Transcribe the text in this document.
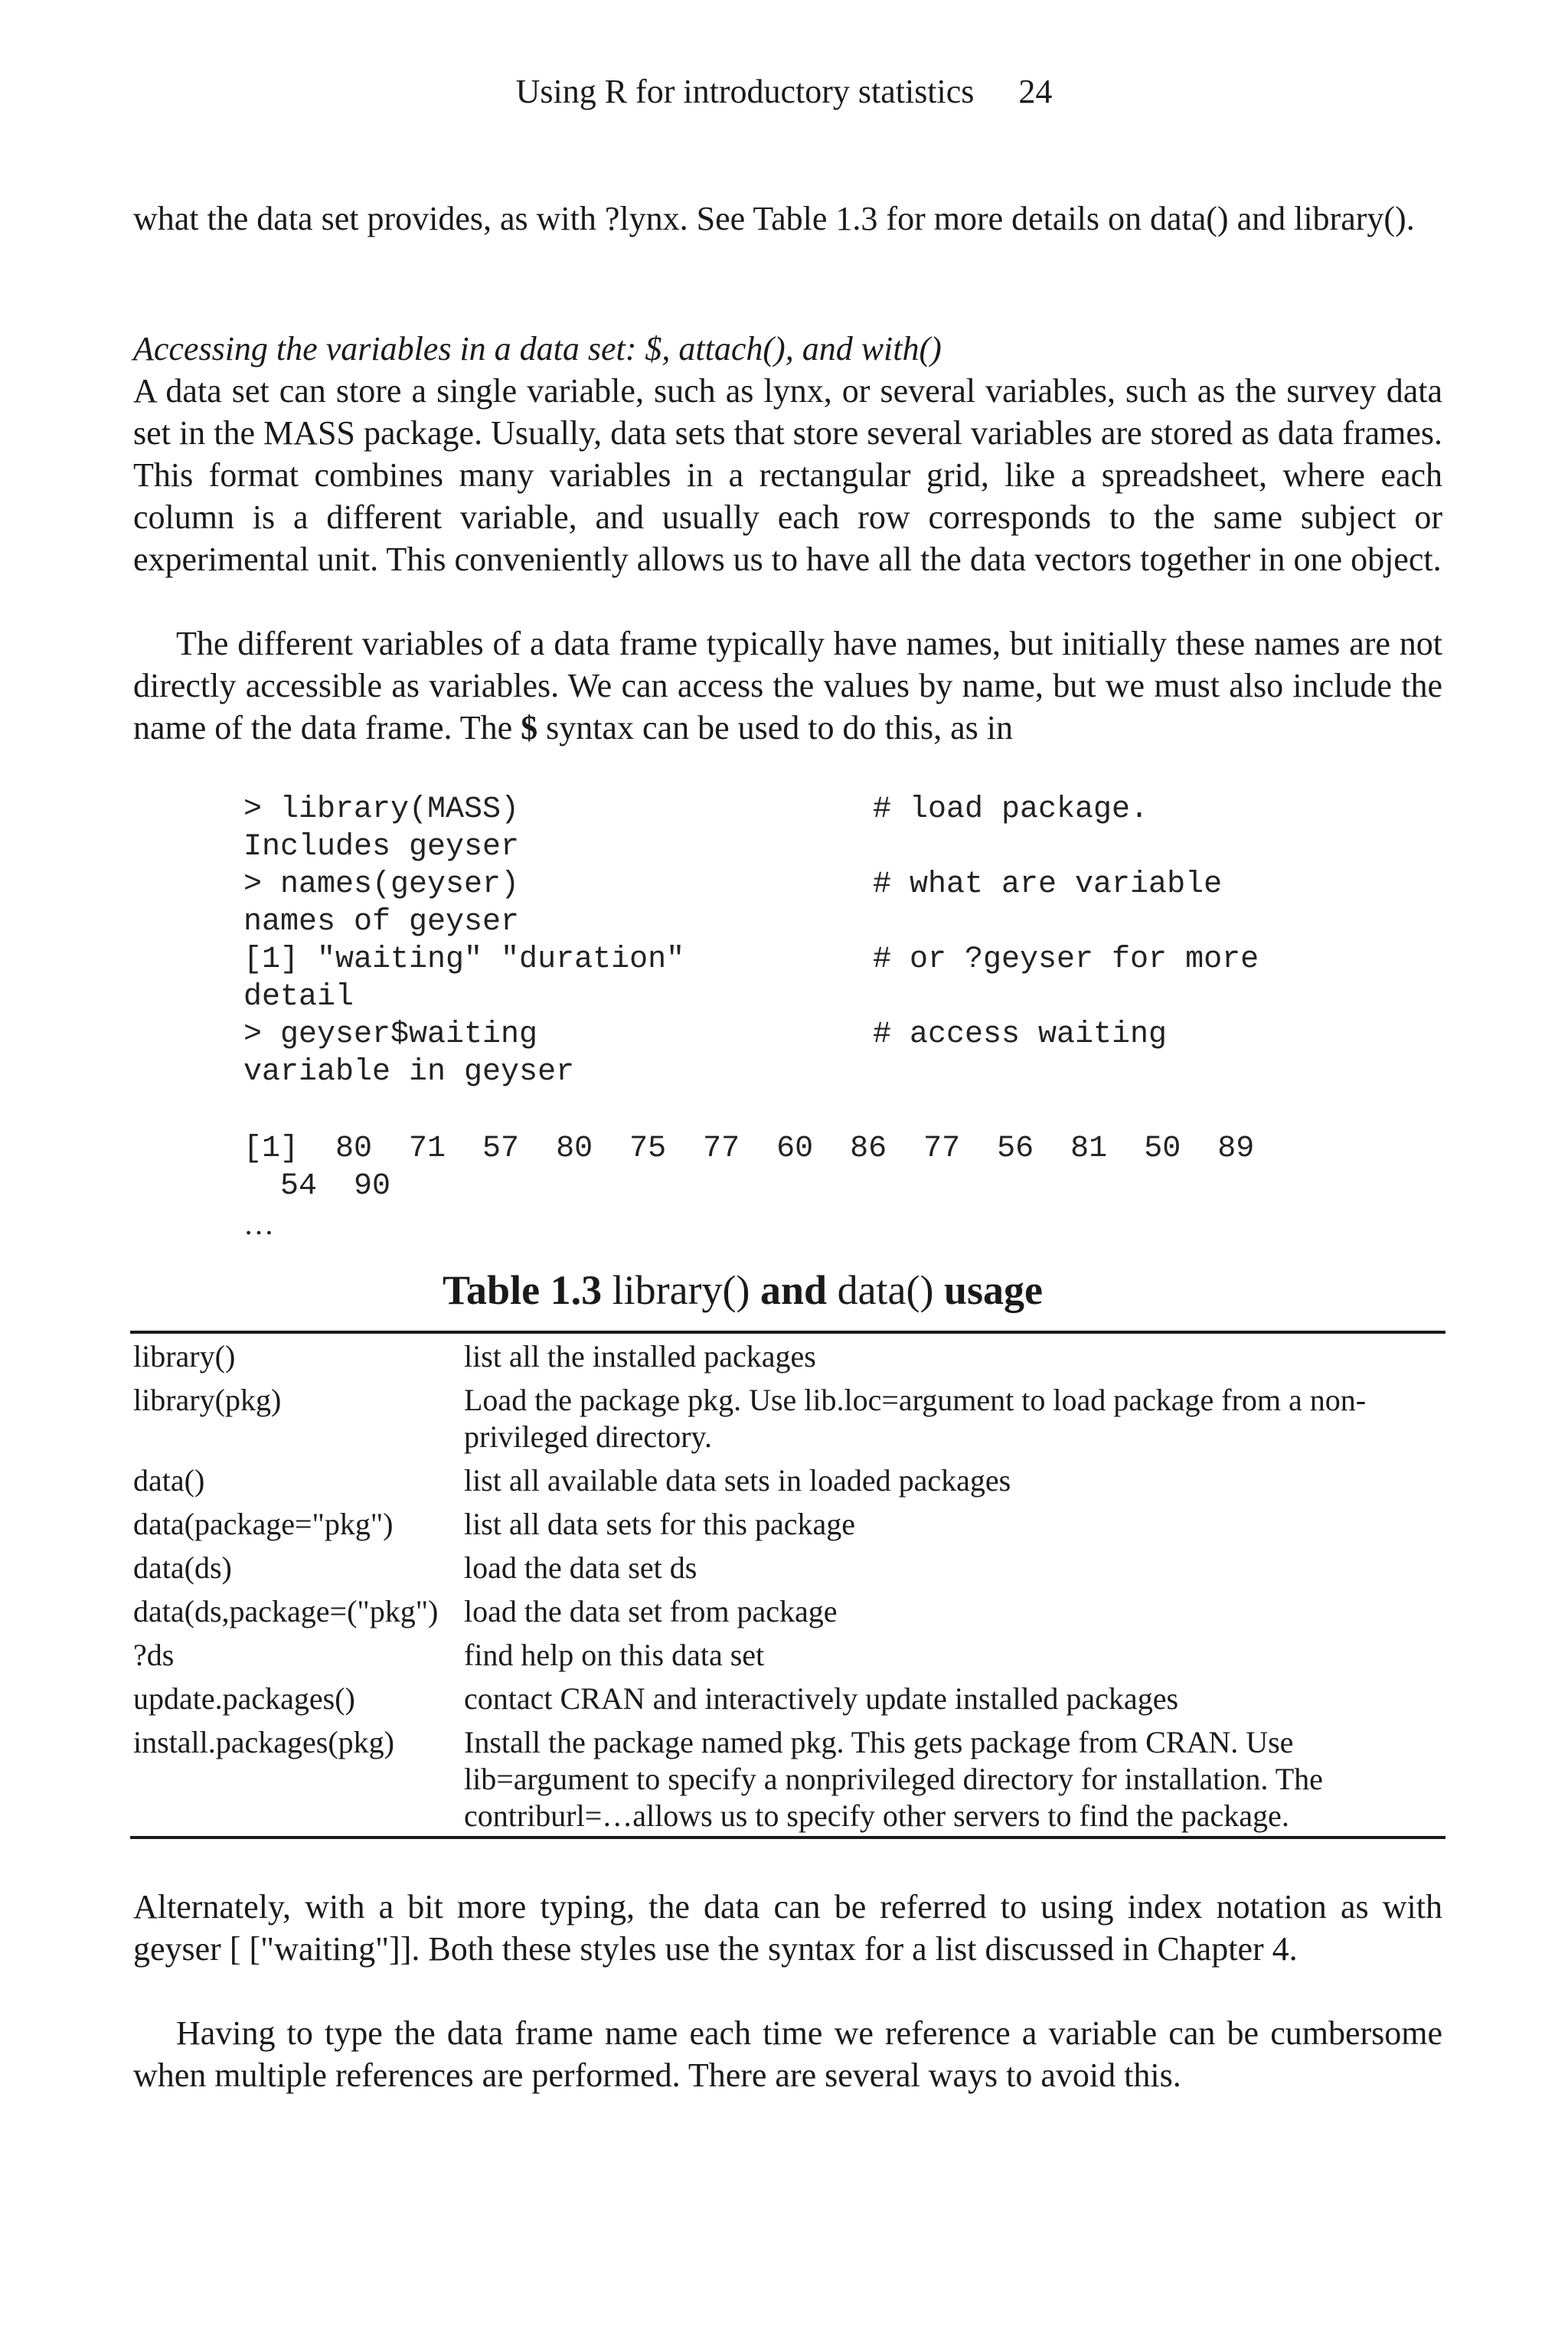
Using R for introductory statistics 24

what the data set provides, as with ?lynx. See Table 1.3 for more details on data() and library().

Accessing the variables in a data set: $, attach(), and with()

A data set can store a single variable, such as lynx, or several variables, such as the survey data set in the MASS package. Usually, data sets that store several variables are stored as data frames. This format combines many variables in a rectangular grid, like a spreadsheet, where each column is a different variable, and usually each row corresponds to the same subject or experimental unit. This conveniently allows us to have all the data vectors together in one object.

The different variables of a data frame typically have names, but initially these names are not directly accessible as variables. We can access the values by name, but we must also include the name of the data frame. The $ syntax can be used to do this, as in

> library(MASS)	# load package.
Includes geyser
> names(geyser)	# what are variable
names of geyser
[1] "waiting" "duration"	# or ?geyser for more
detail
> geyser$waiting	# access waiting
variable in geyser
[1]  80  71  57  80  75  77  60  86  77  56  81  50  89
54  90
…
Table 1.3 library() and data() usage
library()	list all the installed packages
library(pkg)	Load the package pkg. Use lib.loc=argument to load package from a non-privileged directory.
data()	list all available data sets in loaded packages
data(package="pkg")	list all data sets for this package
data(ds)	load the data set ds
data(ds,package=("pkg")	load the data set from package
?ds	find help on this data set
update.packages()	contact CRAN and interactively update installed packages
install.packages(pkg)	Install the package named pkg. This gets package from CRAN. Use lib=argument to specify a nonprivileged directory for installation. The contriburl=…allows us to specify other servers to find the package.

Alternately, with a bit more typing, the data can be referred to using index notation as with geyser [ ["waiting"]]. Both these styles use the syntax for a list discussed in Chapter 4.

Having to type the data frame name each time we reference a variable can be cumbersome when multiple references are performed. There are several ways to avoid this.
